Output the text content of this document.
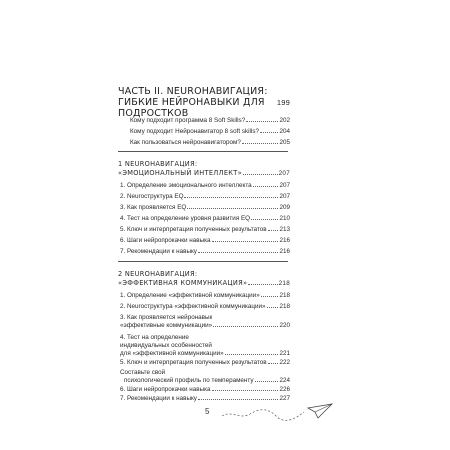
ЧАСТЬ II. NEUROНАВИГАЦИЯ:
ГИБКИЕ НЕЙРОНАВЫКИ ДЛЯ ПОДРОСТКОВ
199
Кому подходит программа 8 Soft Skills?	202
Кому подходит Нейронавигатор 8 soft skills?	204
Как пользоваться нейронавигатором?	205
1 NEUROНАВИГАЦИЯ:
«ЭМОЦИОНАЛЬНЫЙ ИНТЕЛЛЕКТ»	207
1. Определение эмоционального интеллекта	207
2. Neurоструктура EQ	207
3. Как проявляется EQ	209
4. Тест на определение уровня развития EQ	210
5. Ключ и интерпретация полученных результатов 213
6. Шаги нейропрокачки навыка	216
7. Рекомендации к навыку	216
2 NEUROНАВИГАЦИЯ:
«ЭФФЕКТИВНАЯ КОММУНИКАЦИЯ»	218
1. Определение «эффективной коммуникации»	218
2. Neurоструктура «эффективной коммуникации» 218
3. Как проявляется нейронавык
«эффективные коммуникации»	220
4. Тест на определение
индивидуальных особенностей
для «эффективной коммуникации»	221
5. Ключ и интерпретация полученных результатов 222
Составьте свой
психологический профиль по темпераменту	224
6. Шаги нейропрокачки навыка	226
7. Рекомендации к навыку	227
5
